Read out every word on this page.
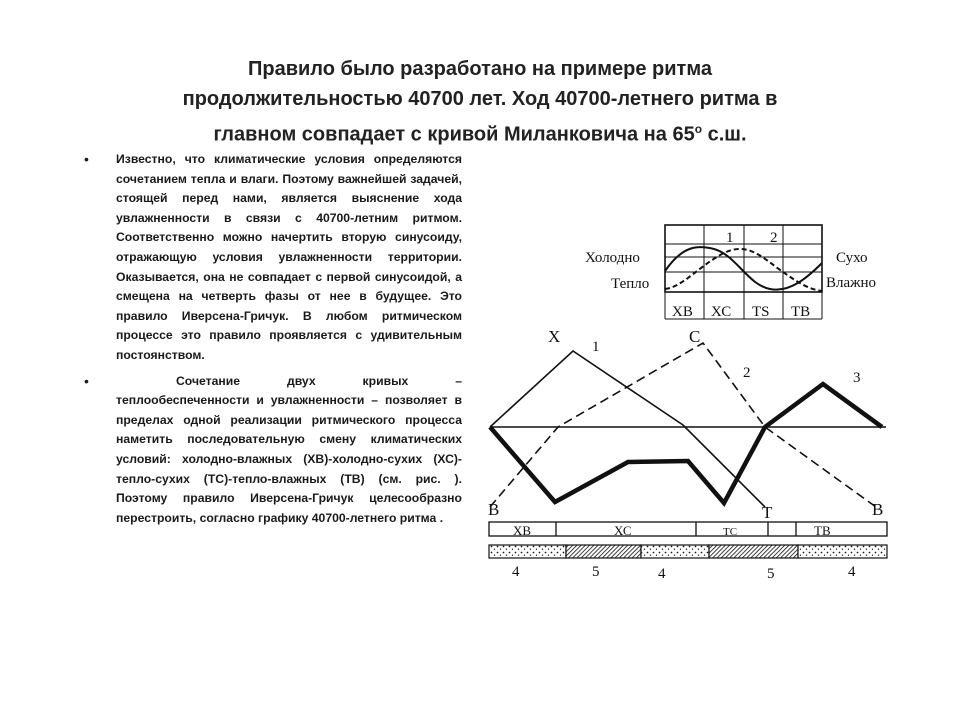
Правило было разработано на примере ритма продолжительностью 40700 лет. Ход 40700-летнего ритма в главном совпадает с кривой Миланковича на $65^о$ с.ш.
• Известно, что климатические условия определяются сочетанием тепла и влаги. Поэтому важнейшей задачей, стоящей перед нами, является выяснение хода увлажненности в связи с 40700-летним ритмом. Соответственно можно начертить вторую синусоиду, отражающую условия увлажненности территории. Оказывается, она не совпадает с первой синусоидой, а смещена на четверть фазы от нее в будущее. Это правило Иверсена-Гричук. В любом ритмическом процессе это правило проявляется с удивительным постоянством.
•	Сочетание двух кривых – теплообеспеченности и увлажненности – позволяет в пределах одной реализации ритмического процесса наметить последовательную смену климатических условий: холодно-влажных (ХВ)-холодно-сухих (ХС)- тепло-сухих (ТС)-тепло-влажных (ТВ) (см. рис. ). Поэтому правило Иверсена-Гричук целесообразно перестроить, согласно графику 40700-летнего ритма .
Холодно
Тепло
Сухо
Влажно
1 2
ХВ ХС ТS ТВ
Х	С
В	Т	В
1
2	3
ХВ	ХС	ТС	ТВ
4	5	4	5	4
